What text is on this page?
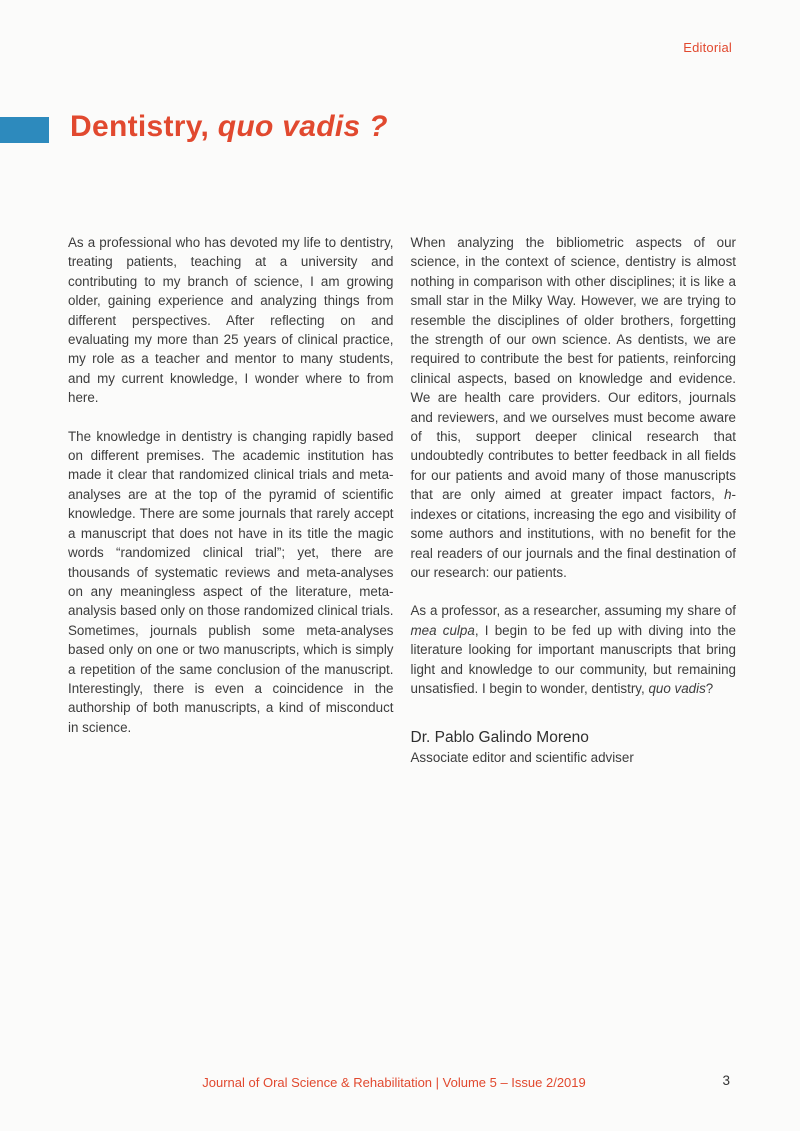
Editorial
Dentistry, quo vadis ?

As a professional who has devoted my life to dentistry, treating patients, teaching at a university and contributing to my branch of science, I am growing older, gaining experience and analyzing things from different perspectives. After reflecting on and evaluating my more than 25 years of clinical practice, my role as a teacher and mentor to many students, and my current knowledge, I wonder where to from here.

The knowledge in dentistry is changing rapidly based on different premises. The academic institution has made it clear that randomized clinical trials and meta-analyses are at the top of the pyramid of scientific knowledge. There are some journals that rarely accept a manuscript that does not have in its title the magic words “randomized clinical trial”; yet, there are thousands of systematic reviews and meta-analyses on any meaningless aspect of the literature, meta-analysis based only on those randomized clinical trials. Sometimes, journals publish some meta-analyses based only on one or two manuscripts, which is simply a repetition of the same conclusion of the manuscript. Interestingly, there is even a coincidence in the authorship of both manuscripts, a kind of misconduct in science.

When analyzing the bibliometric aspects of our science, in the context of science, dentistry is almost nothing in comparison with other disciplines; it is like a small star in the Milky Way. However, we are trying to resemble the disciplines of older brothers, forgetting the strength of our own science. As dentists, we are required to contribute the best for patients, reinforcing clinical aspects, based on knowledge and evidence. We are health care providers. Our editors, journals and reviewers, and we ourselves must become aware of this, support deeper clinical research that undoubtedly contributes to better feedback in all fields for our patients and avoid many of those manuscripts that are only aimed at greater impact factors, h-indexes or citations, increasing the ego and visibility of some authors and institutions, with no benefit for the real readers of our journals and the final destination of our research: our patients.

As a professor, as a researcher, assuming my share of mea culpa, I begin to be fed up with diving into the literature looking for important manuscripts that bring light and knowledge to our community, but remaining unsatisfied. I begin to wonder, dentistry, quo vadis?

Dr. Pablo Galindo Moreno
Associate editor and scientific adviser
Journal of Oral Science & Rehabilitation | Volume 5 – Issue 2/2019	3
